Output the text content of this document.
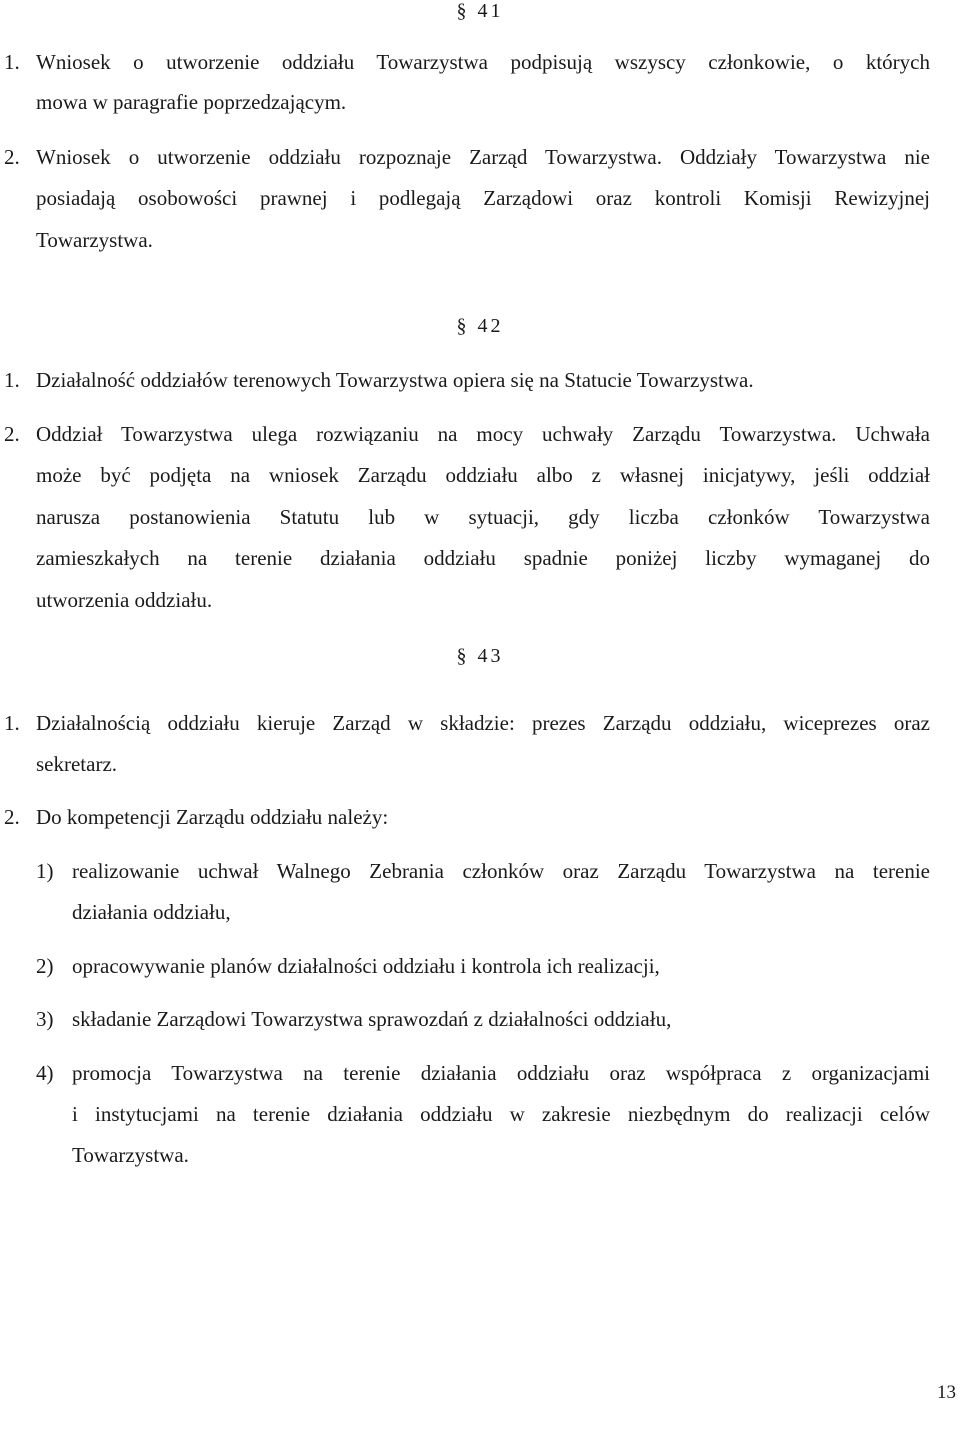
§ 41
1. Wniosek o utworzenie oddziału Towarzystwa podpisują wszyscy członkowie, o których
mowa w paragrafie poprzedzającym.
2. Wniosek o utworzenie oddziału rozpoznaje Zarząd Towarzystwa. Oddziały Towarzystwa nie
posiadają osobowości prawnej i podlegają Zarządowi oraz kontroli Komisji Rewizyjnej
Towarzystwa.
§ 42
1. Działalność oddziałów terenowych Towarzystwa opiera się na Statucie Towarzystwa.
2. Oddział Towarzystwa ulega rozwiązaniu na mocy uchwały Zarządu Towarzystwa. Uchwała
może być podjęta na wniosek Zarządu oddziału albo z własnej inicjatywy, jeśli oddział
narusza postanowienia Statutu lub w sytuacji, gdy liczba członków Towarzystwa
zamieszkałych na terenie działania oddziału spadnie poniżej liczby wymaganej do
utworzenia oddziału.
§ 43
1. Działalnością oddziału kieruje Zarząd w składzie: prezes Zarządu oddziału, wiceprezes oraz
sekretarz.
2. Do kompetencji Zarządu oddziału należy:
1) realizowanie uchwał Walnego Zebrania członków oraz Zarządu Towarzystwa na terenie
działania oddziału,
2) opracowywanie planów działalności oddziału i kontrola ich realizacji,
3) składanie Zarządowi Towarzystwa sprawozdań z działalności oddziału,
4) promocja Towarzystwa na terenie działania oddziału oraz współpraca z organizacjami
i instytucjami na terenie działania oddziału w zakresie niezbędnym do realizacji celów
Towarzystwa.
13
